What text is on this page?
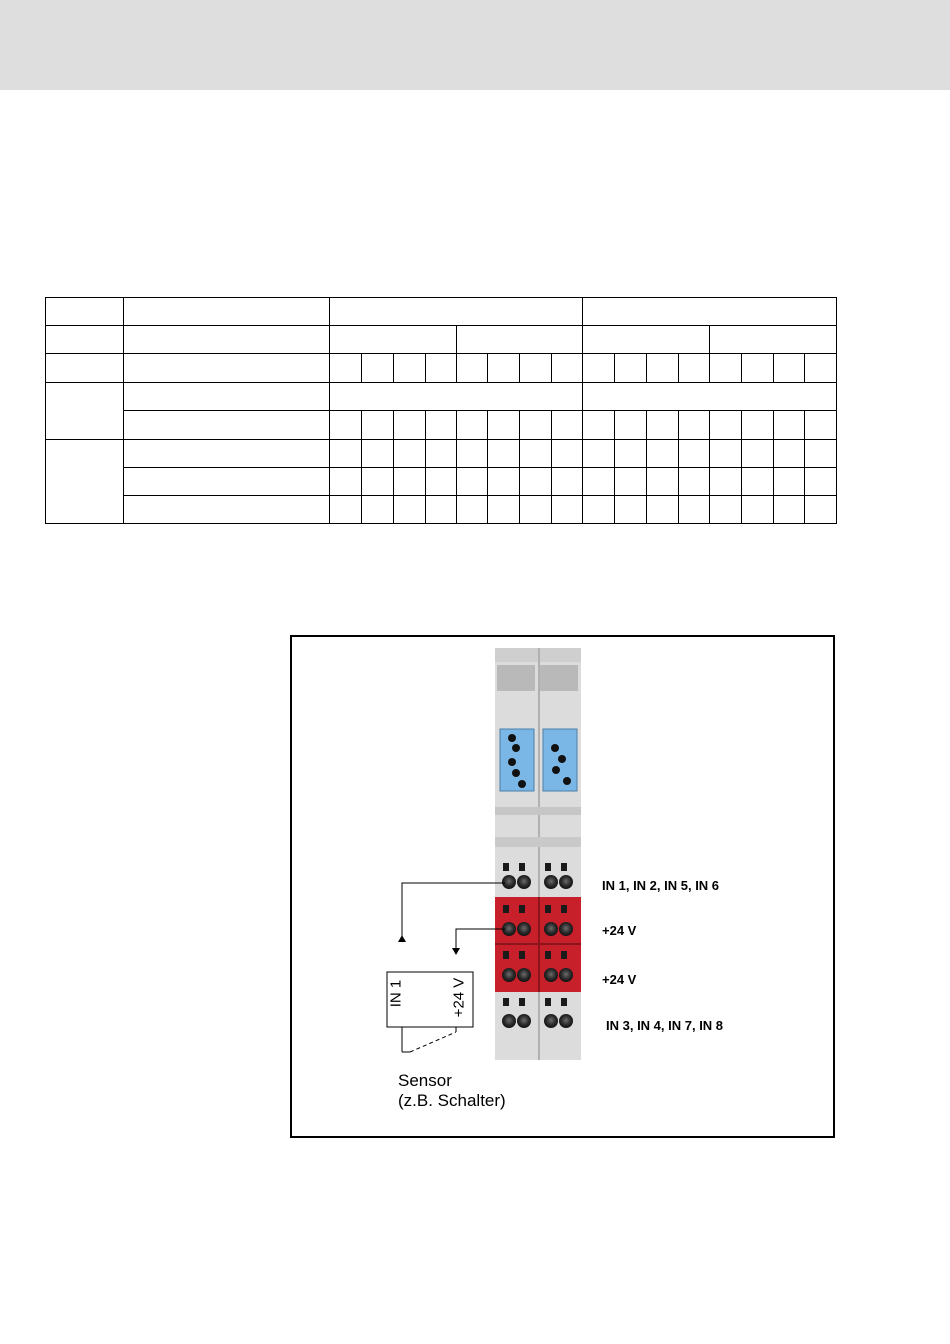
IN 1, IN 2, IN 5, IN 6
+24 V
+24 V
IN 3, IN 4, IN 7, IN 8
IN 1	+24 V
Sensor
(z.B. Schalter)
